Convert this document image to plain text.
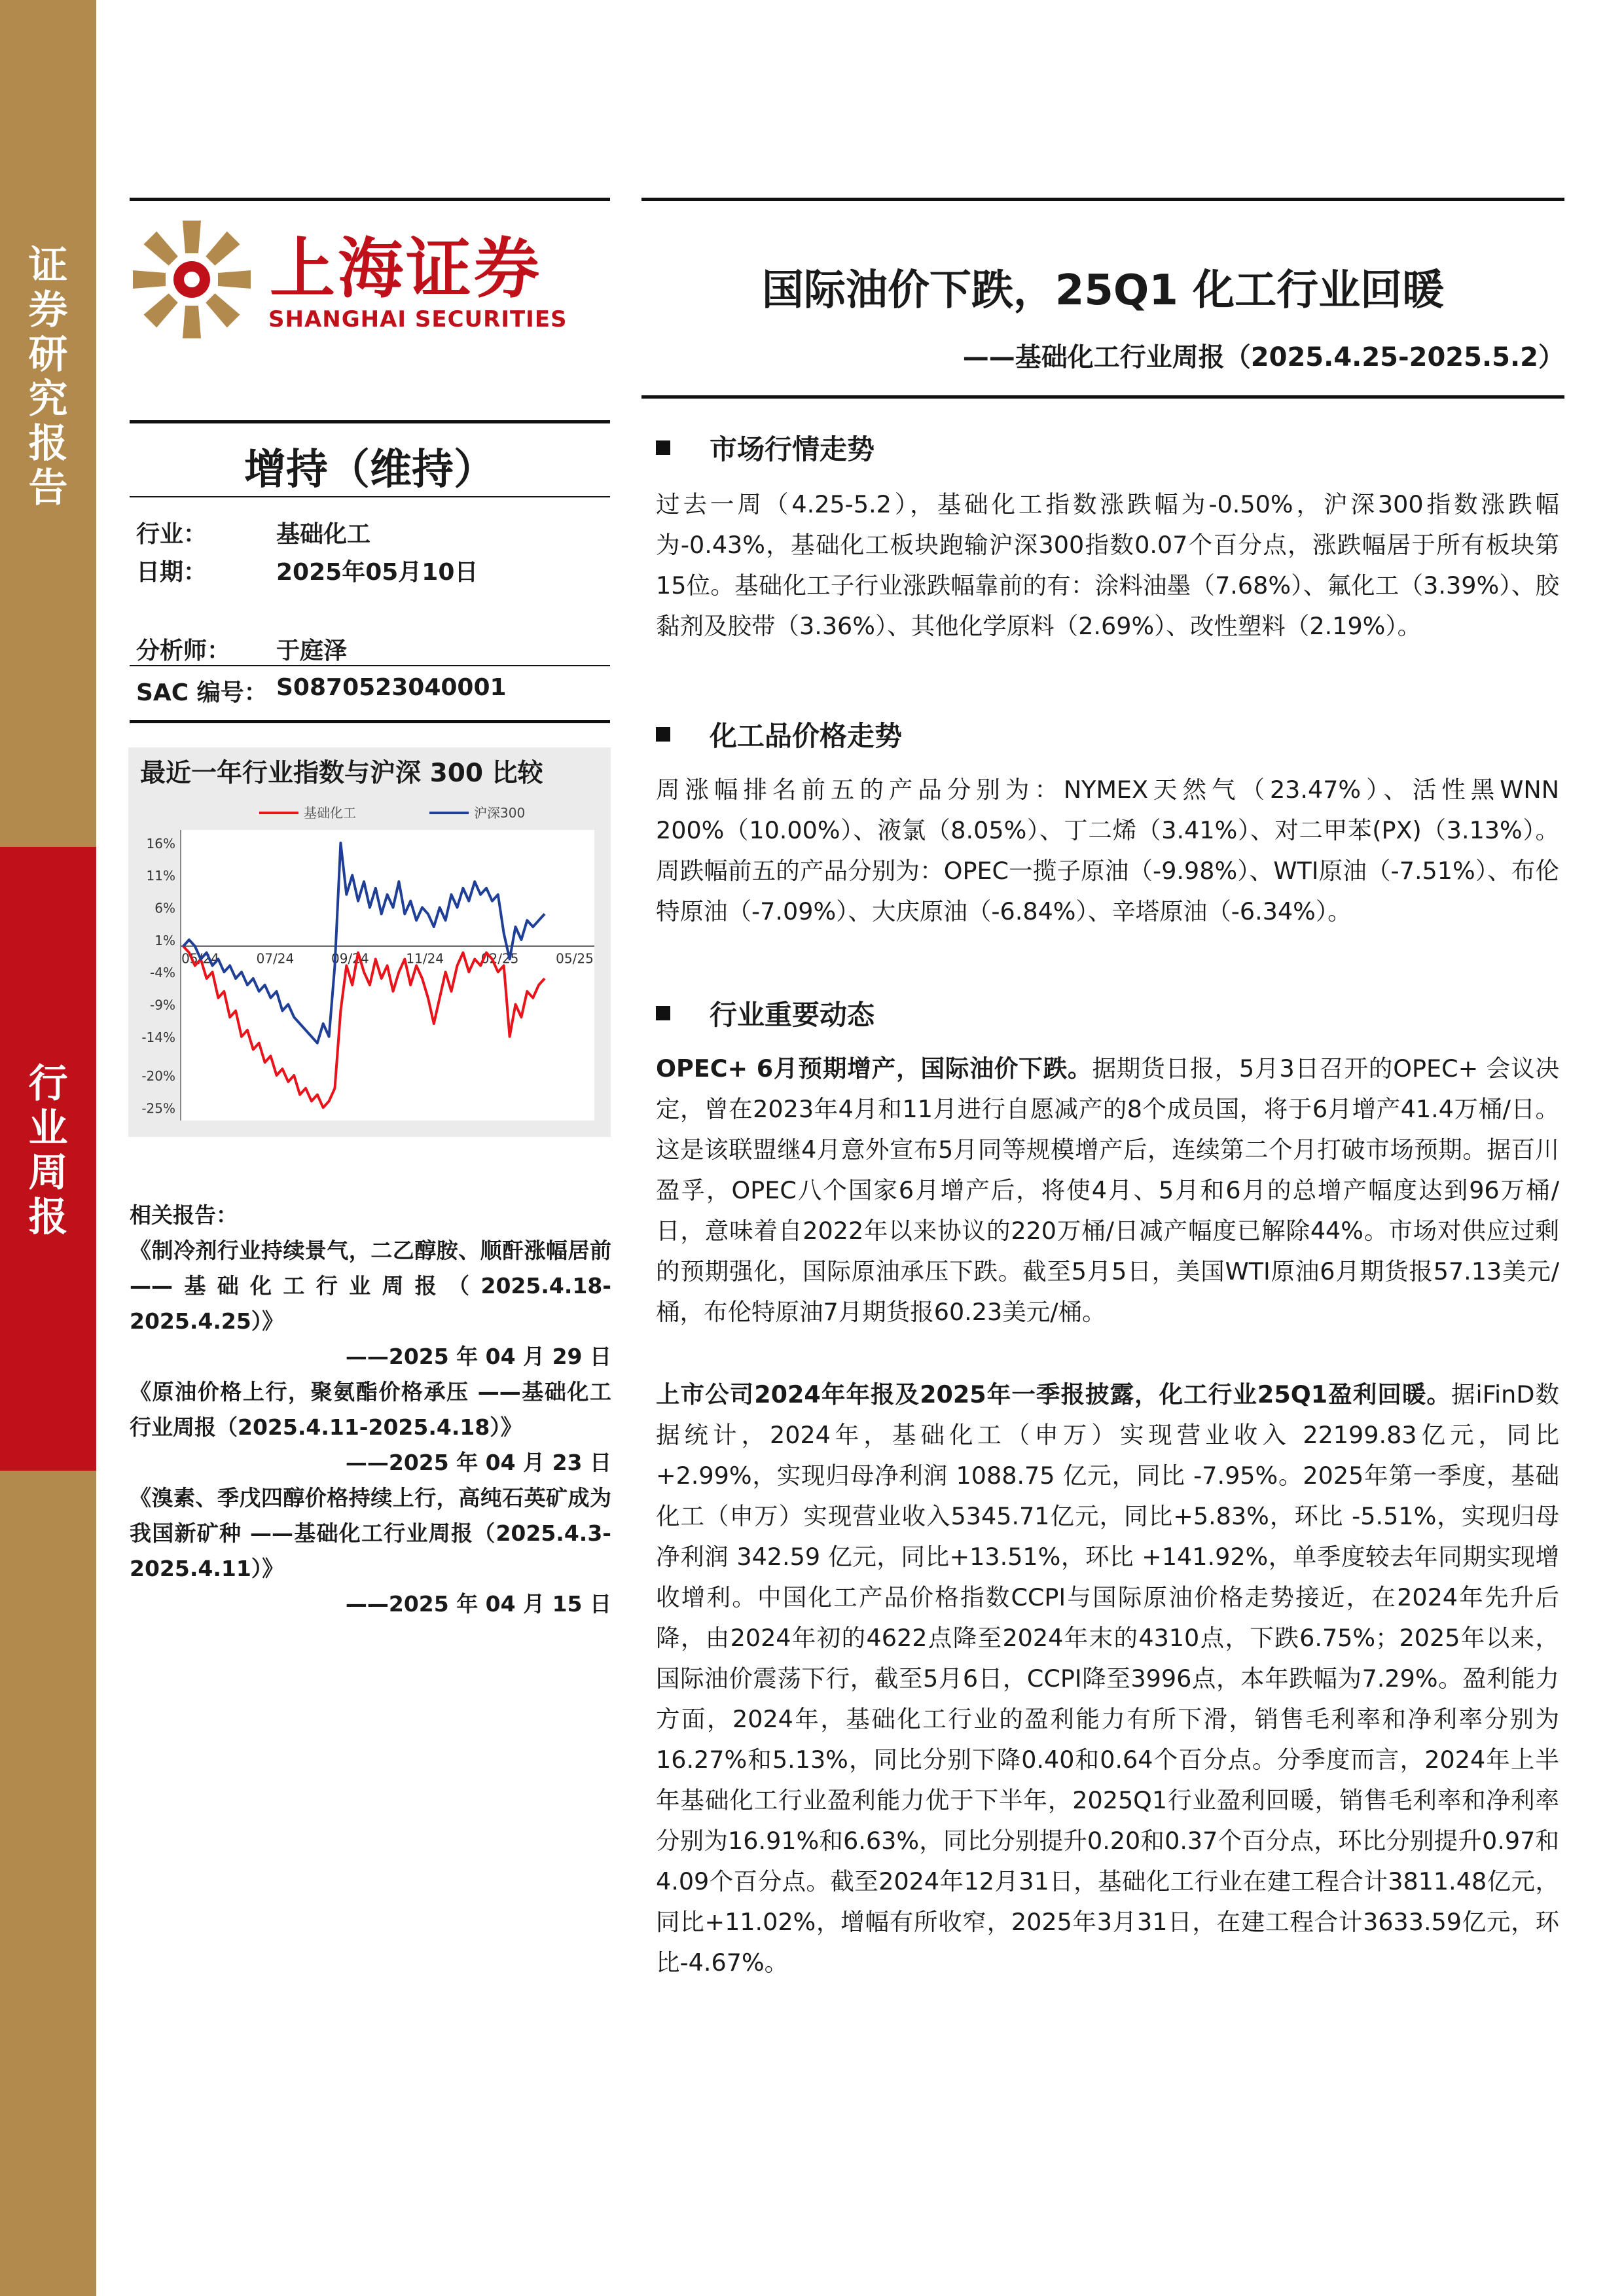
证
券
研
究
报
告
行
业
周
报
上海证券
SHANGHAI SECURITIES
国际油价下跌，25Q1 化工行业回暖
——基础化工行业周报（2025.4.25-2025.5.2）
增持（维持）
行业：	基础化工
日期：	2025年05月10日
分析师： 于庭泽
SAC 编号： S0870523040001
最近一年行业指数与沪深 300 比较
16%
11%
6%
1%
-4%
-9%
-14%
-20%
-25%
05/24	07/24	09/24	11/24	02/25	05/25
基础化工	沪深300
相关报告：
《制冷剂行业持续景气，二乙醇胺、顺酐涨幅居前 ——基础化工行业周报（2025.4.18-2025.4.25）》
——2025 年 04 月 29 日
《原油价格上行，聚氨酯价格承压 ——基础化工行业周报（2025.4.11-2025.4.18）》
——2025 年 04 月 23 日
《溴素、季戊四醇价格持续上行，高纯石英矿成为我国新矿种 ——基础化工行业周报（2025.4.3-2025.4.11）》
——2025 年 04 月 15 日
市场行情走势
过去一周（4.25-5.2），基础化工指数涨跌幅为-0.50%，沪深300指数涨跌幅为-0.43%，基础化工板块跑输沪深300指数0.07个百分点，涨跌幅居于所有板块第15位。基础化工子行业涨跌幅靠前的有：涂料油墨（7.68%）、氟化工（3.39%）、胶黏剂及胶带（3.36%）、其他化学原料（2.69%）、改性塑料（2.19%）。
化工品价格走势
周涨幅排名前五的产品分别为：NYMEX天然气（23.47%）、活性黑WNN 200%（10.00%）、液氯（8.05%）、丁二烯（3.41%）、对二甲苯(PX)（3.13%）。周跌幅前五的产品分别为：OPEC一揽子原油（-9.98%）、WTI原油（-7.51%）、布伦特原油（-7.09%）、大庆原油（-6.84%）、辛塔原油（-6.34%）。
行业重要动态
OPEC+ 6月预期增产，国际油价下跌。据期货日报，5月3日召开的OPEC+ 会议决定，曾在2023年4月和11月进行自愿减产的8个成员国，将于6月增产41.4万桶/日。这是该联盟继4月意外宣布5月同等规模增产后，连续第二个月打破市场预期。据百川盈孚，OPEC八个国家6月增产后，将使4月、5月和6月的总增产幅度达到96万桶/日，意味着自2022年以来协议的220万桶/日减产幅度已解除44%。市场对供应过剩的预期强化，国际原油承压下跌。截至5月5日，美国WTI原油6月期货报57.13美元/桶，布伦特原油7月期货报60.23美元/桶。
上市公司2024年年报及2025年一季报披露，化工行业25Q1盈利回暖。据iFinD数据统计，2024年，基础化工（申万）实现营业收入 22199.83亿元，同比 +2.99%，实现归母净利润 1088.75 亿元，同比 -7.95%。2025年第一季度，基础化工（申万）实现营业收入5345.71亿元，同比+5.83%，环比 -5.51%，实现归母净利润 342.59 亿元，同比+13.51%，环比 +141.92%，单季度较去年同期实现增收增利。中国化工产品价格指数CCPI与国际原油价格走势接近，在2024年先升后降，由2024年初的4622点降至2024年末的4310点，下跌6.75%；2025年以来，国际油价震荡下行，截至5月6日，CCPI降至3996点，本年跌幅为7.29%。盈利能力方面，2024年，基础化工行业的盈利能力有所下滑，销售毛利率和净利率分别为16.27%和5.13%，同比分别下降0.40和0.64个百分点。分季度而言，2024年上半年基础化工行业盈利能力优于下半年，2025Q1行业盈利回暖，销售毛利率和净利率分别为16.91%和6.63%，同比分别提升0.20和0.37个百分点，环比分别提升0.97和4.09个百分点。截至2024年12月31日，基础化工行业在建工程合计3811.48亿元，同比+11.02%，增幅有所收窄，2025年3月31日，在建工程合计3633.59亿元，环比-4.67%。
